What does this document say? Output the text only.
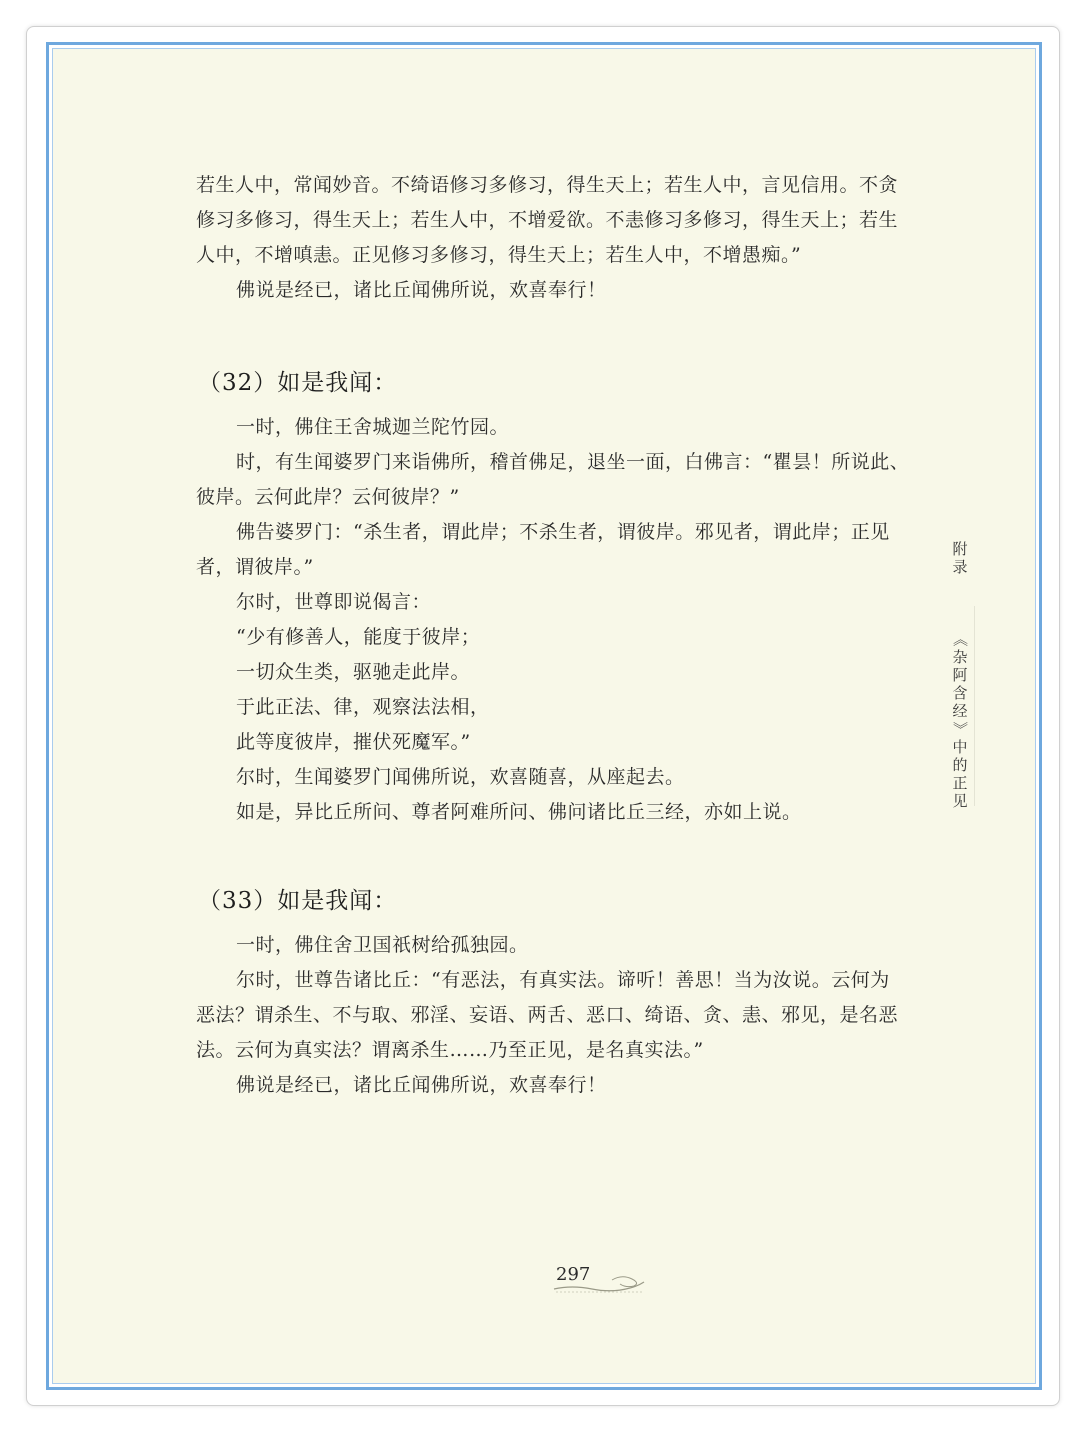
若生人中，常闻妙音。不绮语修习多修习，得生天上；若生人中，言见信用。不贪
修习多修习，得生天上；若生人中，不增爱欲。不恚修习多修习，得生天上；若生
人中，不增嗔恚。正见修习多修习，得生天上；若生人中，不增愚痴。”
佛说是经已，诸比丘闻佛所说，欢喜奉行！
（32）如是我闻：
一时，佛住王舍城迦兰陀竹园。
时，有生闻婆罗门来诣佛所，稽首佛足，退坐一面，白佛言：“瞿昙！所说此、
彼岸。云何此岸？云何彼岸？”
佛告婆罗门：“杀生者，谓此岸；不杀生者，谓彼岸。邪见者，谓此岸；正见
者，谓彼岸。”
尔时，世尊即说偈言：
“少有修善人，能度于彼岸；
一切众生类，驱驰走此岸。
于此正法、律，观察法法相，
此等度彼岸，摧伏死魔军。”
尔时，生闻婆罗门闻佛所说，欢喜随喜，从座起去。
如是，异比丘所问、尊者阿难所问、佛问诸比丘三经，亦如上说。
（33）如是我闻：
一时，佛住舍卫国祇树给孤独园。
尔时，世尊告诸比丘：“有恶法，有真实法。谛听！善思！当为汝说。云何为
恶法？谓杀生、不与取、邪淫、妄语、两舌、恶口、绮语、贪、恚、邪见，是名恶
法。云何为真实法？谓离杀生……乃至正见，是名真实法。”
佛说是经已，诸比丘闻佛所说，欢喜奉行！
附
录
《
杂
阿
含
经
》
中
的
正
见
297
